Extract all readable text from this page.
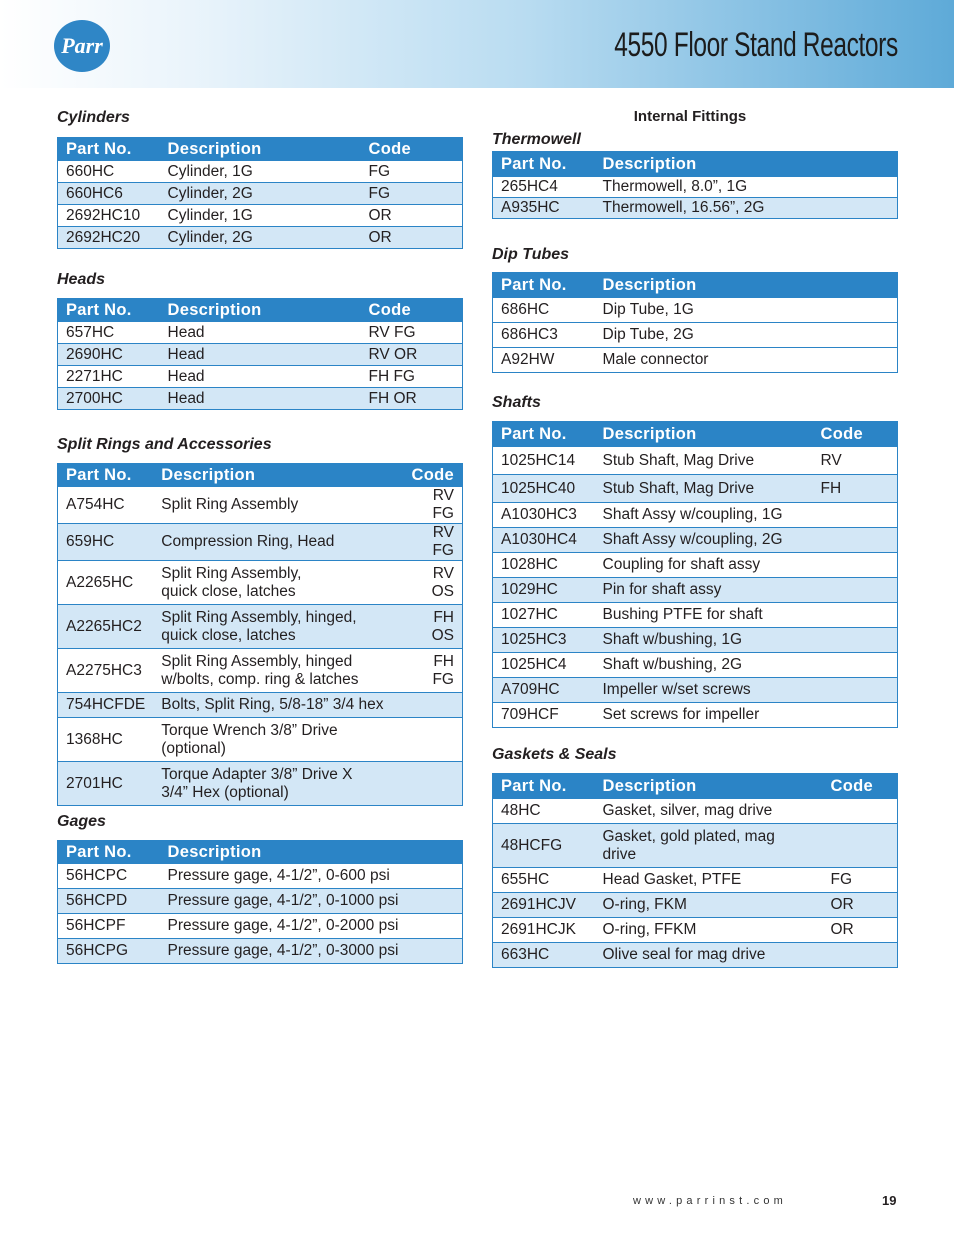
Parr	4550 Floor Stand Reactors
Cylinders
Part No.	Description	Code
660HC	Cylinder, 1G	FG
660HC6	Cylinder, 2G	FG
2692HC10	Cylinder, 1G	OR
2692HC20	Cylinder, 2G	OR
Heads
Part No.	Description	Code
657HC	Head	RV FG
2690HC	Head	RV OR
2271HC	Head	FH FG
2700HC	Head	FH OR
Split Rings and Accessories
Part No.	Description	Code
A754HC	Split Ring Assembly	RV FG
659HC	Compression Ring, Head	RV FG
A2265HC	Split Ring Assembly,
quick close, latches	RV OS
A2265HC2	Split Ring Assembly, hinged,
quick close, latches	FH OS
A2275HC3	Split Ring Assembly, hinged
w/bolts, comp. ring & latches	FH FG
754HCFDE	Bolts, Split Ring, 5/8-18” 3/4 hex	
1368HC	Torque Wrench 3/8” Drive
(optional)	
2701HC	Torque Adapter 3/8” Drive X
3/4” Hex (optional)	
Gages
Part No.	Description
56HCPC	Pressure gage, 4-1/2”, 0-600 psi
56HCPD	Pressure gage, 4-1/2”, 0-1000 psi
56HCPF	Pressure gage, 4-1/2”, 0-2000 psi
56HCPG	Pressure gage, 4-1/2”, 0-3000 psi
Internal Fittings
Thermowell
Part No.	Description
265HC4	Thermowell, 8.0”, 1G
A935HC	Thermowell, 16.56”, 2G
Dip Tubes
Part No.	Description
686HC	Dip Tube, 1G
686HC3	Dip Tube, 2G
A92HW	Male connector
Shafts
Part No.	Description	Code
1025HC14	Stub Shaft, Mag Drive	RV
1025HC40	Stub Shaft, Mag Drive	FH
A1030HC3	Shaft Assy w/coupling, 1G	
A1030HC4	Shaft Assy w/coupling, 2G	
1028HC	Coupling for shaft assy	
1029HC	Pin for shaft assy	
1027HC	Bushing PTFE for shaft	
1025HC3	Shaft w/bushing, 1G	
1025HC4	Shaft w/bushing, 2G	
A709HC	Impeller w/set screws	
709HCF	Set screws for impeller	
Gaskets & Seals
Part No.	Description	Code
48HC	Gasket, silver, mag drive	
48HCFG	Gasket, gold plated, mag
drive	
655HC	Head Gasket, PTFE	FG
2691HCJV	O-ring, FKM	OR
2691HCJK	O-ring, FFKM	OR
663HC	Olive seal for mag drive	
www.parrinst.com	19
